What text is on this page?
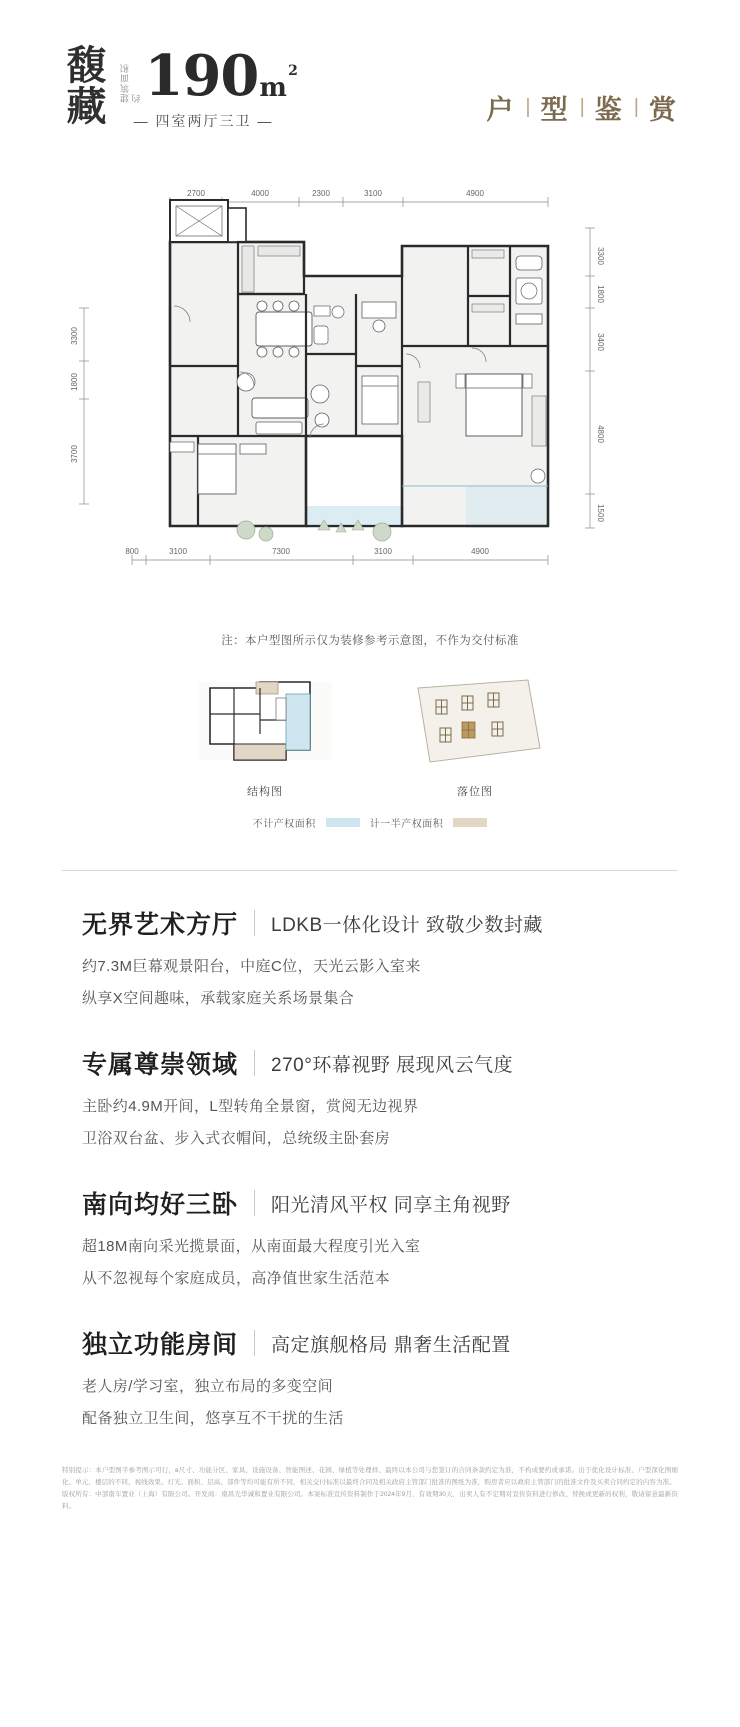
馥藏 建筑面积约 190 m
2
— 四室两厅三卫 —	户 | 型 | 鉴 | 赏
2700	4000	2300	3100	4900
3300
1800
3400
4800
1500
3300
1800
3700
800	3100	7300	3100	4900
注：本户型图所示仅为装修参考示意图，不作为交付标准
结构图	落位图
不计产权面积	计一半产权面积
无界艺术方厅 LDKB一体化设计 致敬少数封藏

约7.3M巨幕观景阳台，中庭C位，天光云影入室来

纵享X空间趣味，承载家庭关系场景集合

专属尊崇领域 270°环幕视野 展现风云气度

主卧约4.9M开间，L型转角全景窗，赏阅无边视界

卫浴双台盆、步入式衣帽间，总统级主卧套房

南向均好三卧 阳光清风平权 同享主角视野

超18M南向采光揽景面，从南面最大程度引光入室

从不忽视每个家庭成员，高净值世家生活范本

独立功能房间 高定旗舰格局 鼎奢生活配置

老人房/学习室，独立布局的多变空间

配备独立卫生间，悠享互不干扰的生活

特别提示：本户型图半参考图示可行，в尺寸、功能分区、家具、设施设备、智能图述、花园、绿植等处理样、最终以本公司与您签订的合同条款约定为准，不构成要约或承诺。出于优化设计标准、户型深化图细化、单元、楼层的不同、视线效果、灯光、面积、层高、部件等均可能有所不同，相关交付标准以最终合同及相关政府主管部门批准的图纸为准，购房者应以政府主管部门的批准文件及买卖合同约定的内容为准。

版权所有：中部南车置业（上海）有限公司。开发商：南昌光华诚和置业有限公司。本案标准宣传资料制作于2024年9月，有效期30天，出卖人有不定期对宣传资料进行修改、替换或更新的权利，敬请留意最新资料。
